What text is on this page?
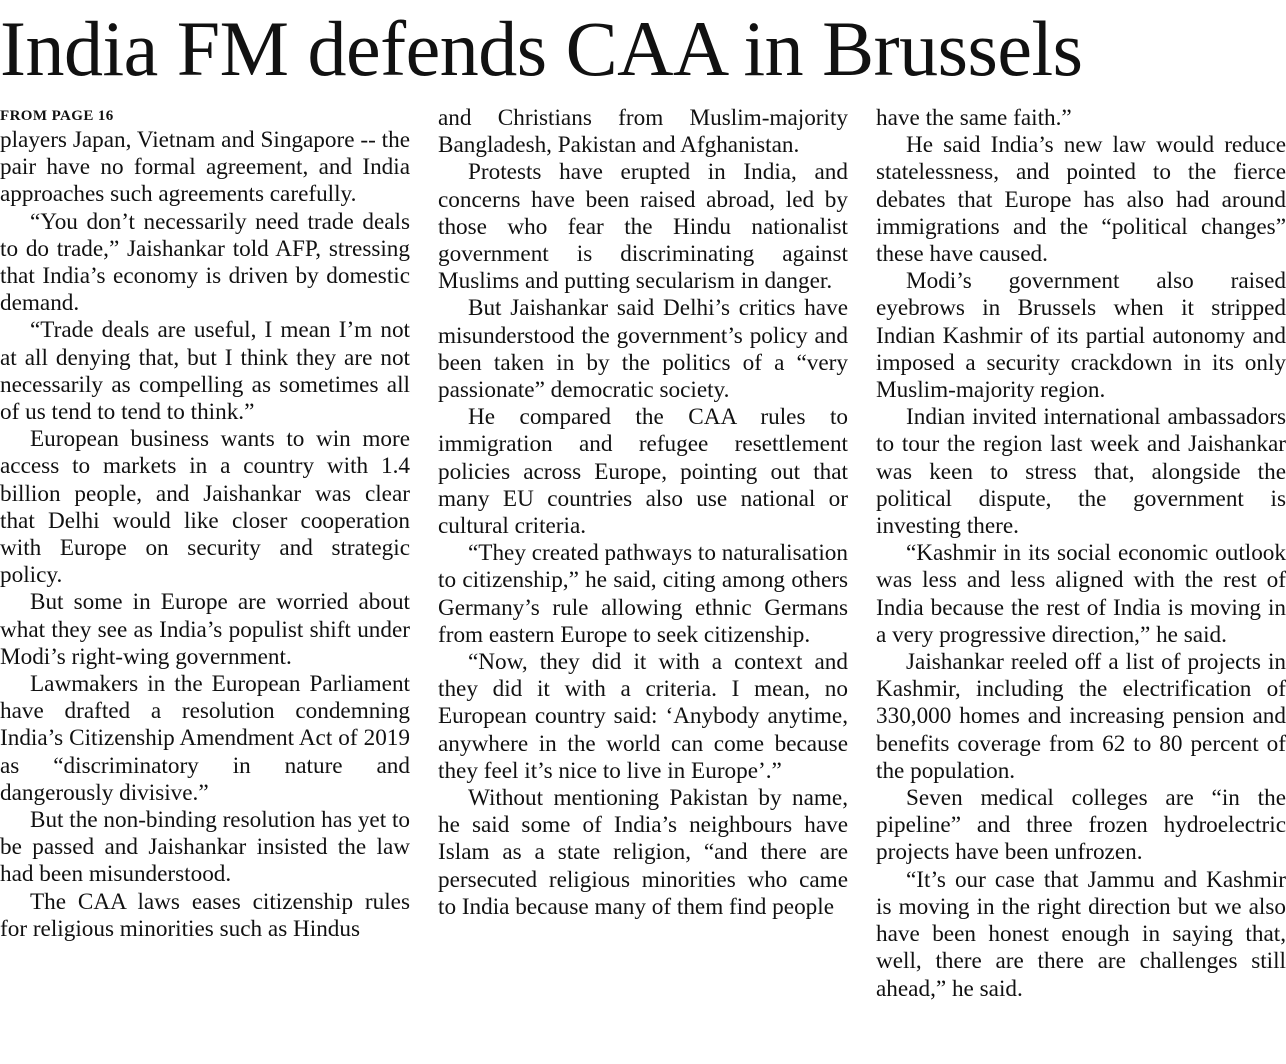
India FM defends CAA in Brussels
FROM PAGE 16

players Japan, Vietnam and Singapore -- the pair have no formal agreement, and India approaches such agreements carefully.

“You don’t necessarily need trade deals to do trade,” Jaishankar told AFP, stressing that India’s economy is driven by domestic demand.

“Trade deals are useful, I mean I’m not at all denying that, but I think they are not necessarily as compelling as sometimes all of us tend to tend to think.”

European business wants to win more access to markets in a country with 1.4 billion people, and Jaishankar was clear that Delhi would like closer cooperation with Europe on security and strategic policy.

But some in Europe are worried about what they see as India’s populist shift under Modi’s right-wing government.

Lawmakers in the European Parliament have drafted a resolution condemning India’s Citizenship Amendment Act of 2019 as “discriminatory in nature and dangerously divisive.”

But the non-binding resolution has yet to be passed and Jaishankar insisted the law had been misunderstood.

The CAA laws eases citizenship rules for religious minorities such as Hindus

and Christians from Muslim-majority Bangladesh, Pakistan and Afghanistan.

Protests have erupted in India, and concerns have been raised abroad, led by those who fear the Hindu nationalist government is discriminating against Muslims and putting secularism in danger.

But Jaishankar said Delhi’s critics have misunderstood the government’s policy and been taken in by the politics of a “very passionate” democratic society.

He compared the CAA rules to immigration and refugee resettlement policies across Europe, pointing out that many EU countries also use national or cultural criteria.

“They created pathways to naturalisation to citizenship,” he said, citing among others Germany’s rule allowing ethnic Germans from eastern Europe to seek citizenship.

“Now, they did it with a context and they did it with a criteria. I mean, no European country said: ‘Anybody anytime, anywhere in the world can come because they feel it’s nice to live in Europe’.”

Without mentioning Pakistan by name, he said some of India’s neighbours have Islam as a state religion, “and there are persecuted religious minorities who came to India because many of them find people

have the same faith.”

He said India’s new law would reduce statelessness, and pointed to the fierce debates that Europe has also had around immigrations and the “political changes” these have caused.

Modi’s government also raised eyebrows in Brussels when it stripped Indian Kashmir of its partial autonomy and imposed a security crackdown in its only Muslim-majority region.

Indian invited international ambassadors to tour the region last week and Jaishankar was keen to stress that, alongside the political dispute, the government is investing there.

“Kashmir in its social economic outlook was less and less aligned with the rest of India because the rest of India is moving in a very progressive direction,” he said.

Jaishankar reeled off a list of projects in Kashmir, including the electrification of 330,000 homes and increasing pension and benefits coverage from 62 to 80 percent of the population.

Seven medical colleges are “in the pipeline” and three frozen hydroelectric projects have been unfrozen.

“It’s our case that Jammu and Kashmir is moving in the right direction but we also have been honest enough in saying that, well, there are there are challenges still ahead,” he said.
